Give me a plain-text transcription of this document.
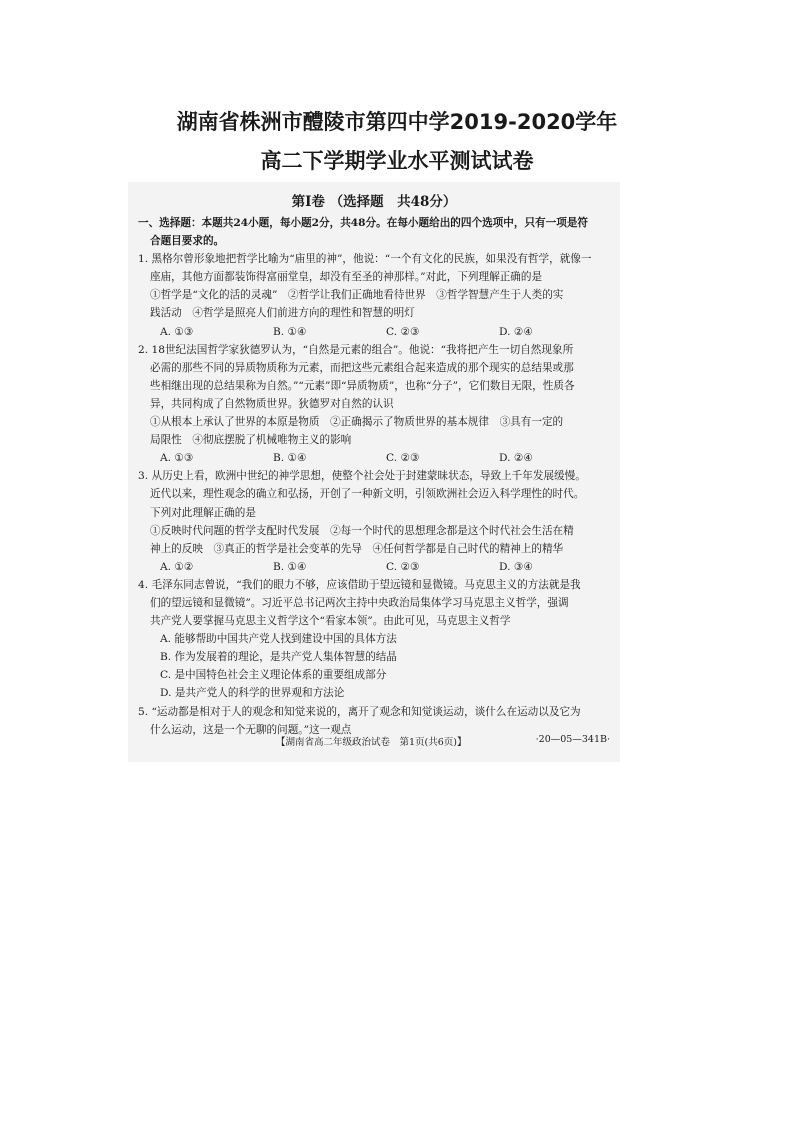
湖南省株洲市醴陵市第四中学2019-2020学年
高二下学期学业水平测试试卷
第Ⅰ卷 （选择题　共48分）

一、选择题：本题共24小题，每小题2分，共48分。在每小题给出的四个选项中，只有一项是符

合题目要求的。

1. 黑格尔曾形象地把哲学比喻为“庙里的神”，他说：“一个有文化的民族，如果没有哲学，就像一

座庙，其他方面都装饰得富丽堂皇，却没有至圣的神那样。”对此，下列理解正确的是

①哲学是“文化的活的灵魂”　②哲学让我们正确地看待世界　③哲学智慧产生于人类的实

践活动　④哲学是照亮人们前进方向的理性和智慧的明灯

A. ①③	B. ①④	C. ②③	D. ②④

2. 18世纪法国哲学家狄德罗认为，“自然是元素的组合”。他说：“我将把产生一切自然现象所

必需的那些不同的异质物质称为元素，而把这些元素组合起来造成的那个现实的总结果或那

些相继出现的总结果称为自然。”“元素”即“异质物质”，也称“分子”，它们数目无限，性质各

异，共同构成了自然物质世界。狄德罗对自然的认识

①从根本上承认了世界的本原是物质　②正确揭示了物质世界的基本规律　③具有一定的

局限性　④彻底摆脱了机械唯物主义的影响

A. ①③	B. ①④	C. ②③	D. ②④

3. 从历史上看，欧洲中世纪的神学思想，使整个社会处于封建蒙昧状态，导致上千年发展缓慢。

近代以来，理性观念的确立和弘扬，开创了一种新文明，引领欧洲社会迈入科学理性的时代。

下列对此理解正确的是

①反映时代问题的哲学支配时代发展　②每一个时代的思想理念都是这个时代社会生活在精

神上的反映　③真正的哲学是社会变革的先导　④任何哲学都是自己时代的精神上的精华

A. ①②	B. ①④	C. ②③	D. ③④

4. 毛泽东同志曾说，“我们的眼力不够，应该借助于望远镜和显微镜。马克思主义的方法就是我

们的望远镜和显微镜”。习近平总书记两次主持中央政治局集体学习马克思主义哲学，强调

共产党人要掌握马克思主义哲学这个“看家本领”。由此可见，马克思主义哲学

A. 能够帮助中国共产党人找到建设中国的具体方法

B. 作为发展着的理论，是共产党人集体智慧的结晶

C. 是中国特色社会主义理论体系的重要组成部分

D. 是共产党人的科学的世界观和方法论

5. “运动都是相对于人的观念和知觉来说的，离开了观念和知觉谈运动，谈什么在运动以及它为

什么运动，这是一个无聊的问题。”这一观点

【湖南省高二年级政治试卷　第1页(共6页)】	·20—05—341B·
